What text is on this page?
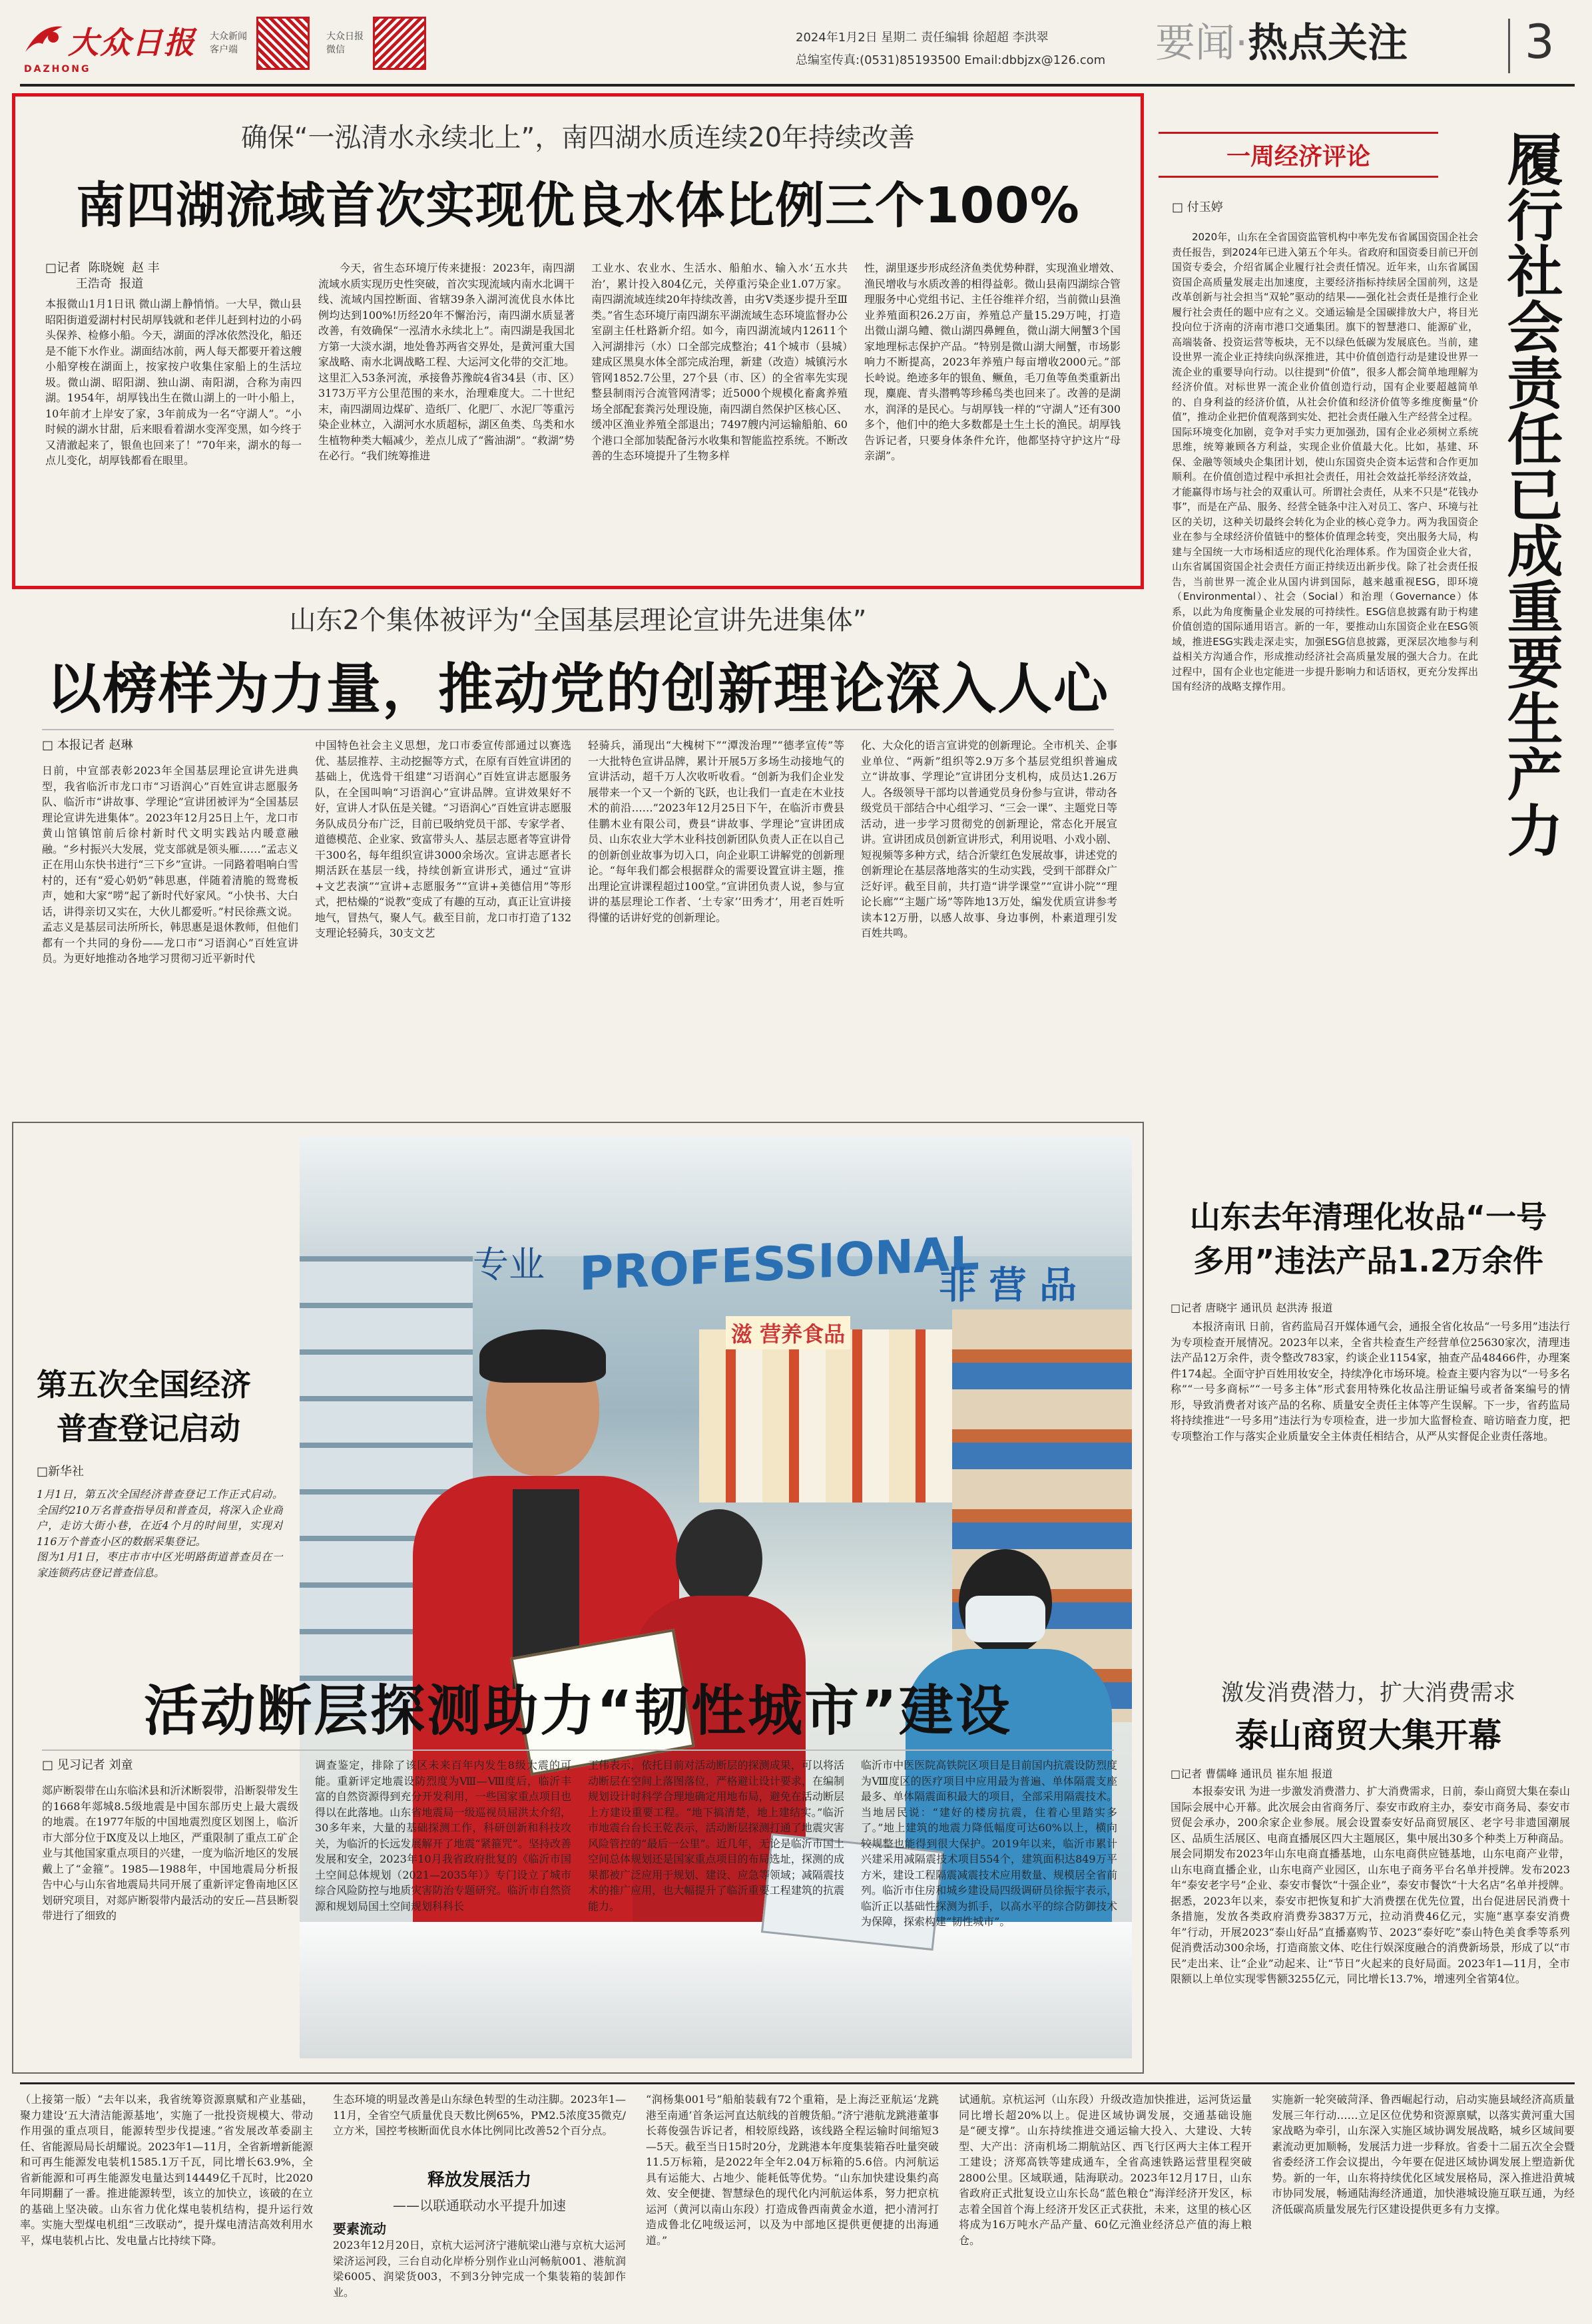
大众日报
DAZHONG
大众新闻客户端
大众日报微信
2024年1月2日 星期二 责任编辑 徐超超 李洪翠
总编室传真:(0531)85193500 Email:dbbjzx@126.com 要闻·热点关注	3
确保“一泓清水永续北上”，南四湖水质连续20年持续改善
南四湖流域首次实现优良水体比例三个100%
□记者  陈晓婉  赵 丰
王浩奇  报道
本报微山1月1日讯 微山湖上静悄悄。一大早，微山县昭阳街道爱湖村村民胡厚钱就和老伴儿赶到村边的小码头保养、检修小船。今天，湖面的浮冰依然没化，船还是不能下水作业。湖面结冰前，两人每天都要开着这艘小船穿梭在湖面上，按家按户收集住家船上的生活垃圾。微山湖、昭阳湖、独山湖、南阳湖，合称为南四湖。1954年，胡厚钱出生在微山湖上的一叶小船上，10年前才上岸安了家，3年前成为一名“守湖人”。“小时候的湖水甘甜，后来眼看着湖水变浑变黑，如今终于又清澈起来了，银鱼也回来了！”70年来，湖水的每一点儿变化，胡厚钱都看在眼里。
今天，省生态环境厅传来捷报：2023年，南四湖流域水质实现历史性突破，首次实现流域内南水北调干线、流域内国控断面、省辖39条入湖河流优良水体比例均达到100%!历经20年不懈治污，南四湖水质显著改善，有效确保“一泓清水永续北上”。南四湖是我国北方第一大淡水湖，地处鲁苏两省交界处，是黄河重大国家战略、南水北调战略工程、大运河文化带的交汇地。这里汇入53条河流，承接鲁苏豫皖4省34县（市、区）3173万平方公里范围的来水，治理难度大。二十世纪末，南四湖周边煤矿、造纸厂、化肥厂、水泥厂等重污染企业林立，入湖河水水质超标，湖区鱼类、鸟类和水生植物种类大幅减少，差点儿成了“酱油湖”。“救湖”势在必行。“我们统筹推进
工业水、农业水、生活水、船舶水、输入水‘五水共治’，累计投入804亿元，关停重污染企业1.07万家。南四湖流域连续20年持续改善，由劣Ⅴ类逐步提升至Ⅲ类。”省生态环境厅南四湖东平湖流域生态环境监督办公室副主任杜路新介绍。如今，南四湖流域内12611个入河湖排污（水）口全部完成整治；41个城市（县城）建成区黑臭水体全部完成治理，新建（改造）城镇污水管网1852.7公里，27个县（市、区）的全省率先实现整县制雨污合流管网清零；近5000个规模化畜禽养殖场全部配套粪污处理设施，南四湖自然保护区核心区、缓冲区渔业养殖全部退出；7497艘内河运输船舶、60个港口全部加装配备污水收集和智能监控系统。不断改善的生态环境提升了生物多样
性，湖里逐步形成经济鱼类优势种群，实现渔业增效、渔民增收与水质改善的相得益彰。微山县南四湖综合管理服务中心党组书记、主任谷维祥介绍，当前微山县渔业养殖面积26.2万亩，养殖总产量15.29万吨，打造出微山湖乌鳢、微山湖四鼻鲤鱼，微山湖大闸蟹3个国家地理标志保护产品。“特别是微山湖大闸蟹，市场影响力不断提高，2023年养殖户每亩增收2000元。”部长岭说。绝迹多年的银鱼、鳜鱼，毛刀鱼等鱼类重新出现，麋鹿、青头潜鸭等珍稀鸟类也回来了。改善的是湖水，润泽的是民心。与胡厚钱一样的“守湖人”还有300多个，他们中的绝大多数都是土生土长的渔民。胡厚钱告诉记者，只要身体条件允许，他都坚持守护这片“母亲湖”。
山东2个集体被评为“全国基层理论宣讲先进集体”
以榜样为力量，推动党的创新理论深入人心
□ 本报记者 赵琳
日前，中宣部表彰2023年全国基层理论宣讲先进典型，我省临沂市龙口市“习语润心”百姓宣讲志愿服务队、临沂市“讲故事、学理论”宣讲团被评为“全国基层理论宣讲先进集体”。2023年12月25日上午，龙口市黄山馆镇馆前后徐村新时代文明实践站内暖意融融。“乡村振兴大发展，党支部就是领头雁……”孟志义正在用山东快书进行“三下乡”宣讲。一同路着唱响白雪村的，还有“爱心奶奶”韩思惠，伴随着清脆的鸳鸯板声，她和大家“唠”起了新时代好家风。“小快书、大白话，讲得亲切又实在，大伙儿都爱听。”村民徐燕文说。孟志义是基层司法所所长，韩思惠是退休教师，但他们都有一个共同的身份——龙口市“习语润心”百姓宣讲员。为更好地推动各地学习贯彻习近平新时代
中国特色社会主义思想，龙口市委宣传部通过以赛选优、基层推荐、主动挖掘等方式，在原有百姓宣讲团的基础上，优选骨干组建“习语润心”百姓宣讲志愿服务队，在全国叫响“习语润心”宣讲品牌。宣讲效果好不好，宣讲人才队伍是关键。“习语润心”百姓宣讲志愿服务队成员分布广泛，目前已吸纳党员干部、专家学者、道德模范、企业家、致富带头人、基层志愿者等宣讲骨干300名，每年组织宣讲3000余场次。宣讲志愿者长期活跃在基层一线，持续创新宣讲形式，通过“宣讲+文艺表演”“宣讲+志愿服务”“宣讲+美德信用”等形式，把枯燥的“说教”变成了有趣的互动，真正让宣讲接地气，冒热气，聚人气。截至目前，龙口市打造了132支理论轻骑兵，30支文艺
轻骑兵，涌现出“大槐树下”“潭泼治理”“德孝宣传”等一大批特色宣讲品牌，累计开展5万多场生动接地气的宣讲活动，超千万人次收听收看。“创新为我们企业发展带来一个又一个新的飞跃，也让我们一直走在木业技术的前沿……”2023年12月25日下午，在临沂市费县佳鹏木业有限公司，费县“讲故事、学理论”宣讲团成员、山东农业大学木业科技创新团队负责人正在以自己的创新创业故事为切入口，向企业职工讲解党的创新理论。“每年我们都会根据群众的需要设置宣讲主题，推出理论宣讲课程超过100堂。”宣讲团负责人说，参与宣讲的基层理论工作者、‘土专家’‘田秀才’，用老百姓听得懂的话讲好党的创新理论。
化、大众化的语言宣讲党的创新理论。全市机关、企事业单位、“两新”组织等2.9万多个基层党组织普遍成立“讲故事、学理论”宣讲团分支机构，成员达1.26万人。各级领导干部均以普通党员身份参与宣讲，带动各级党员干部结合中心组学习、“三会一课”、主题党日等活动，进一步学习贯彻党的创新理论，常态化开展宣讲。宣讲团成员创新宣讲形式，利用说唱、小戏小剧、短视频等多种方式，结合沂蒙红色发展故事，讲述党的创新理论在基层落地落实的生动实践，受到干部群众广泛好评。截至目前，共打造“讲学课堂”“宣讲小院”“理论长廊”“主题广场”等阵地13万处，编发优质宣讲参考读本12万册，以感人故事、身边事例，朴素道理引发百姓共鸣。
PROFESSIONAL
专业	非 营 品
滋 营养食品
第五次全国经济
普查登记启动
□新华社
1月1日，第五次全国经济普查登记工作正式启动。全国约210万名普查指导员和普查员，将深入企业商户，走访大街小巷，在近4个月的时间里，实现对116万个普查小区的数据采集登记。
图为1月1日，枣庄市市中区光明路街道普查员在一家连锁药店登记普查信息。
活动断层探测助力“韧性城市”建设
□ 见习记者 刘童
郯庐断裂带在山东临沭县和沂沭断裂带，沿断裂带发生的1668年郯城8.5级地震是中国东部历史上最大震级的地震。在1977年版的中国地震烈度区划图上，临沂市大部分位于Ⅸ度及以上地区，严重限制了重点工矿企业与其他国家重点项目的兴建，一度为临沂地区的发展戴上了“金箍”。1985—1988年，中国地震局分析报告中心与山东省地震局共同开展了重新评定鲁南地区区划研究项目，对郯庐断裂带内最活动的安丘—莒县断裂带进行了细致的
调查鉴定，排除了该区未来百年内发生8级大震的可能。重新评定地震设防烈度为Ⅷ—Ⅷ度后，临沂丰富的自然资源得到充分开发利用，一些国家重点项目也得以在此落地。山东省地震局一级巡视员屈洪太介绍，30多年来，大量的基础探测工作，科研创新和科技攻关，为临沂的长远发展解开了地震“紧箍咒”。坚持改善发展和安全，2023年10月我省政府批复的《临沂市国土空间总体规划（2021—2035年）》专门设立了城市综合风险防控与地质灾害防治专题研究。临沂市自然资源和规划局国土空间规划科科长
王伟表示，依托目前对活动断层的探测成果，可以将活动断层在空间上落图落位，严格避让设计要求，在编制规划设计时科学合理地确定用地布局，避免在活动断层上方建设重要工程。“地下搞清楚，地上建结实。”临沂市地震台台长王乾表示，活动断层探测打通了地震灾害风险管控的“最后一公里”。近几年，无论是临沂市国土空间总体规划还是国家重点项目的布局选址，探测的成果都被广泛应用于规划、建设、应急等领域；减隔震技术的推广应用，也大幅提升了临沂重要工程建筑的抗震能力。
临沂市中医医院高铁院区项目是目前国内抗震设防烈度为Ⅷ度区的医疗项目中应用最为普遍、单体隔震支座最多、单体隔震面积最大的项目，全部采用隔震技术。当地居民说：“建好的楼房抗震，住着心里踏实多了。”地上建筑的地震力降低幅度可达60%以上，横向较规整也能得到很大保护。2019年以来，临沂市累计兴建采用减隔震技术项目554个，建筑面积达849万平方米，建设工程隔震减震技术应用数量、规模居全省前列。临沂市住房和城乡建设局四级调研员徐振宇表示，临沂正以基础性探测为抓手，以高水平的综合防御技术为保障，探索构建“韧性城市”。
一周经济评论
□ 付玉婷	履行社会责任已成重要生产力
2020年，山东在全省国资监管机构中率先发布省属国资国企社会责任报告，到2024年已进入第五个年头。省政府和国资委目前已开创国资专委会，介绍省属企业履行社会责任情况。近年来，山东省属国资国企高质量发展走出加速度，主要经济指标持续居全国前列，这是改革创新与社会担当“双轮”驱动的结果——强化社会责任是推行企业履行社会责任的题中应有之义。交通运输是全国碳排放大户，将目光投向位于济南的济南市港口交通集团。旗下的智慧港口、能源矿业，高端装备、投资运营等板块，无不以绿色低碳为发展底色。当前，建设世界一流企业正持续向纵深推进，其中价值创造行动是建设世界一流企业的重要导向行动。以往提到“价值”，很多人都会简单地理解为经济价值。对标世界一流企业价值创造行动，国有企业要超越简单的、自身利益的经济价值，从社会价值和经济价值等多维度衡量“价值”，推动企业把价值观落到实处、把社会责任融入生产经营全过程。国际环境变化加剧，竞争对手实力更加强劲，国有企业必须树立系统思维，统筹兼顾各方利益，实现企业价值最大化。比如，基建、环保、金融等领域央企集团计划，使山东国资央企资本运营和合作更加顺利。在价值创造过程中承担社会责任，用社会效益托举经济效益，才能赢得市场与社会的双重认可。所谓社会责任，从来不只是“花钱办事”，而是在产品、服务、经营全链条中注入对员工、客户、环境与社区的关切，这种关切最终会转化为企业的核心竞争力。两为我国资企业在参与全球经济价值链中的整体价值理念转变，突出服务大局，构建与全国统一大市场相适应的现代化治理体系。作为国资企业大省，山东省属国资国企社会责任方面正持续迈出新步伐。除了社会责任报告，当前世界一流企业从国内讲到国际，越来越重视ESG，即环境（Environmental）、社会（Social）和治理（Governance）体系，以此为角度衡量企业发展的可持续性。ESG信息披露有助于构建价值创造的国际通用语言。新的一年，要推动山东国资企业在ESG领域，推进ESG实践走深走实，加强ESG信息披露，更深层次地参与利益相关方沟通合作，形成推动经济社会高质量发展的强大合力。在此过程中，国有企业也定能进一步提升影响力和话语权，更充分发挥出国有经济的战略支撑作用。
山东去年清理化妆品“一号
多用”违法产品1.2万余件
□记者 唐晓宇 通讯员 赵洪涛 报道
本报济南讯 日前，省药监局召开媒体通气会，通报全省化妆品“一号多用”违法行为专项检查开展情况。2023年以来，全省共检查生产经营单位25630家次，清理违法产品12万余件，责令整改783家，约谈企业1154家，抽查产品48466件，办理案件174起。全面守护百姓用妆安全，持续净化市场环境。检查主要内容为以“一号多名称”“一号多商标”“一号多主体”形式套用特殊化妆品注册证编号或者备案编号的情形，导致消费者对该产品的名称、质量安全责任主体等产生误解。下一步，省药监局将持续推进“一号多用”违法行为专项检查，进一步加大监督检查、暗访暗查力度，把专项整治工作与落实企业质量安全主体责任相结合，从严从实督促企业责任落地。
激发消费潜力，扩大消费需求
泰山商贸大集开幕
□记者 曹儒峰 通讯员 崔东旭 报道
本报泰安讯 为进一步激发消费潜力、扩大消费需求，日前，泰山商贸大集在泰山国际会展中心开幕。此次展会由省商务厅、泰安市政府主办，泰安市商务局、泰安市贸促会承办，200余家企业参展。展会设置泰安好品商贸展区、老字号非遗国潮展区、品质生活展区、电商直播展区四大主题展区，集中展出30多个种类上万种商品。展会同期发布2023年山东电商直播基地，山东电商供应链基地，山东电商产业带，山东电商直播企业，山东电商产业园区，山东电子商务平台名单并授牌。发布2023年“泰安老字号”企业、泰安市餐饮“十强企业”，泰安市餐饮“十大名店”名单并授牌。据悉，2023年以来，泰安市把恢复和扩大消费摆在优先位置，出台促进居民消费十条措施，发放各类政府消费券3837万元，拉动消费46亿元，实施“惠享泰安消费年”行动，开展2023“泰山好品”直播嘉购节、2023“泰好吃”泰山特色美食季等系列促消费活动300余场，打造商旅文体、吃住行娱深度融合的消费新场景，形成了以“市民”走出来、让“企业”动起来、让“节日”火起来的良好局面。2023年1—11月，全市限额以上单位实现零售额3255亿元，同比增长13.7%，增速列全省第4位。
（上接第一版）“去年以来，我省统筹资源禀赋和产业基础，聚力建设‘五大清洁能源基地’，实施了一批投资规模大、带动作用强的重点项目，能源转型步伐提速。”省发展改革委副主任、省能源局局长胡耀说。2023年1—11月，全省新增新能源和可再生能源发电装机1585.1万千瓦，同比增长63.9%，全省新能源和可再生能源发电量达到14449亿千瓦时，比2020年同期翻了一番。推进能源转型，该立的加快立，该破的在立的基础上坚决破。山东省力优化煤电装机结构，提升运行效率。实施大型煤电机组“三改联动”，提升煤电清洁高效利用水平，煤电装机占比、发电量占比持续下降。
生态环境的明显改善是山东绿色转型的生动注脚。2023年1—11月，全省空气质量优良天数比例65%，PM2.5浓度35微克/立方米，国控考核断面优良水体比例同比改善52个百分点。
释放发展活力
——以联通联动水平提升加速
要素流动
2023年12月20日，京杭大运河济宁港航梁山港与京杭大运河梁济运河段，三台自动化岸桥分别作业山河畅航001、港航润梁6005、润梁货003，不到3分钟完成一个集装箱的装卸作业。
“润杨集001号”船舶装载有72个重箱，是上海泛亚航运‘龙跳港至南通’首条运河直达航线的首艘货船。”济宁港航龙跳港董事长蒋俊强告诉记者，相较原线路，该线路全程运输时间缩短3—5天。截至当日15时20分，龙跳港本年度集装箱吞吐量突破11.5万标箱，是2022年全年2.04万标箱的5.6倍。内河航运具有运能大、占地少、能耗低等优势。“山东加快建设集约高效、安全便捷、智慧绿色的现代化内河航运体系，努力把京杭运河（黄河以南山东段）打造成鲁西南黄金水道，把小清河打造成鲁北亿吨级运河，以及为中部地区提供更便捷的出海通道。”
试通航。京杭运河（山东段）升级改造加快推进，运河货运量同比增长超20%以上。促进区域协调发展，交通基础设施是“硬支撑”。山东持续推进交通运输大投入、大建设、大转型、大产出：济南机场二期航站区、西飞行区两大主体工程开工建设；济郑高铁等建成通车，全省高速铁路运营里程突破2800公里。区域联通，陆海联动。2023年12月17日，山东省政府正式批复设立山东长岛“蓝色粮仓”海洋经济开发区，标志着全国首个海上经济开发区正式获批，未来，这里的核心区将成为16万吨水产品产量、60亿元渔业经济总产值的海上粮仓。
实施新一轮突破菏泽、鲁西崛起行动，启动实施县域经济高质量发展三年行动……立足区位优势和资源禀赋，以落实黄河重大国家战略为牵引，山东深入实施区域协调发展战略，城乡区域间要素流动更加顺畅，发展活力进一步释放。省委十二届五次全会暨省委经济工作会议提出，今年要在促进区域协调发展上塑造新优势。新的一年，山东将持续优化区域发展格局，深入推进沿黄城市协同发展，畅通陆海经济通道，加快港城设施互联互通，为经济低碳高质量发展先行区建设提供更多有力支撑。
